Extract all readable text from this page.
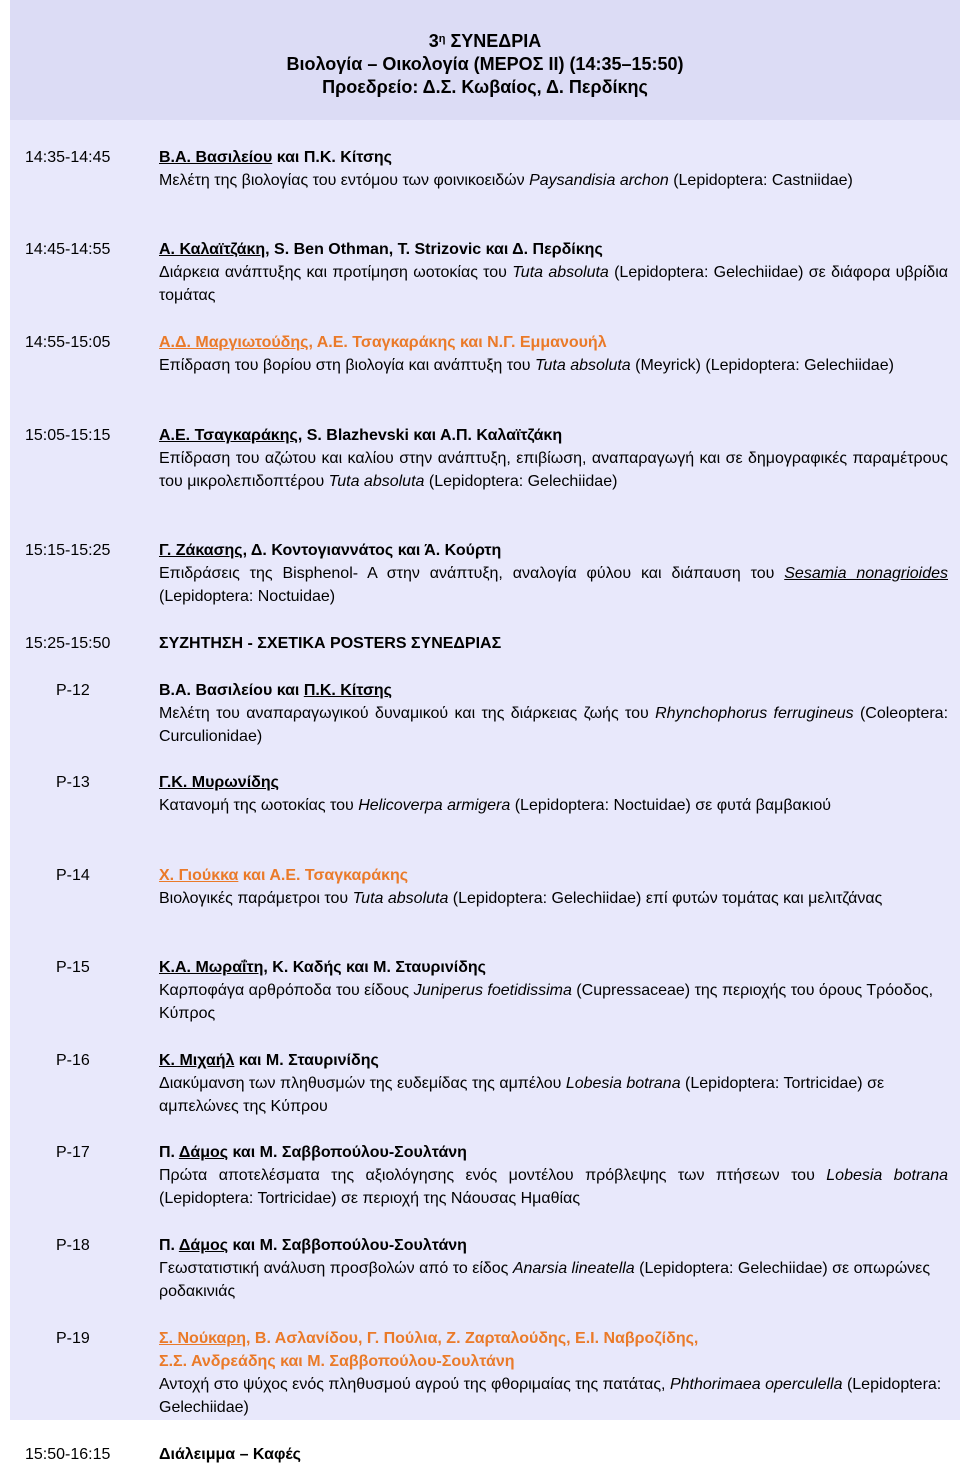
$3^\eta$ ΣΥΝΕΔΡΙΑ
Βιολογία – Οικολογία (ΜΕΡΟΣ ΙΙ) (14:35–15:50)
Προεδρείο: Δ.Σ. Κωβαίος, Δ. Περδίκης
14:35-14:45	Β.Α. Βασιλείου και Π.Κ. Κίτσης
Μελέτη της βιολογίας του εντόμου των φοινικοειδών Paysandisia archon (Lepidoptera: Castniidae)
14:45-14:55	Α. Καλαϊτζάκη, S. Ben Othman, T. Strizovic και Δ. Περδίκης
Διάρκεια ανάπτυξης και προτίμηση ωοτοκίας του Tuta absoluta (Lepidoptera: Gelechiidae) σε διάφορα υβρίδια τομάτας
14:55-15:05	Α.Δ. Μαργιωτούδης, Α.Ε. Τσαγκαράκης και Ν.Γ. Εμμανουήλ
Επίδραση του βορίου στη βιολογία και ανάπτυξη του Tuta absoluta (Meyrick) (Lepidoptera: Gelechiidae)
15:05-15:15	Α.Ε. Τσαγκαράκης, S. Blazhevski και Α.Π. Καλαϊτζάκη
Επίδραση του αζώτου και καλίου στην ανάπτυξη, επιβίωση, αναπαραγωγή και σε δημογραφικές παραμέτρους του μικρολεπιδοπτέρου Tuta absoluta (Lepidoptera: Gelechiidae)
15:15-15:25	Γ. Ζάκασης, Δ. Κοντογιαννάτος και Ά. Κούρτη
Επιδράσεις της Bisphenol- A στην ανάπτυξη, αναλογία φύλου και διάπαυση του Sesamia nonagrioides (Lepidoptera: Noctuidae)
15:25-15:50	ΣΥΖΗΤΗΣΗ - ΣΧΕΤΙΚΑ POSTERS ΣΥΝΕΔΡΙΑΣ
P-12	Β.Α. Βασιλείου και Π.Κ. Κίτσης
Μελέτη του αναπαραγωγικού δυναμικού και της διάρκειας ζωής του Rhynchophorus ferrugineus (Coleoptera: Curculionidae)
P-13	Γ.Κ. Μυρωνίδης
Κατανομή της ωοτοκίας του Helicoverpa armigera (Lepidoptera: Noctuidae) σε φυτά βαμβακιού
P-14	Χ. Γιούκκα και Α.Ε. Τσαγκαράκης
Βιολογικές παράμετροι του Tuta absoluta (Lepidoptera: Gelechiidae) επί φυτών τομάτας και μελιτζάνας
P-15	Κ.Α. Μωραΐτη, Κ. Καδής και Μ. Σταυρινίδης
Καρποφάγα αρθρόποδα του είδους Juniperus foetidissima (Cupressaceae) της περιοχής του όρους Τρόοδος, Κύπρος
P-16	Κ. Μιχαήλ και Μ. Σταυρινίδης
Διακύμανση των πληθυσμών της ευδεμίδας της αμπέλου Lobesia botrana (Lepidoptera: Tortricidae) σε αμπελώνες της Κύπρου
P-17	Π. Δάμος και Μ. Σαββοπούλου-Σουλτάνη
Πρώτα αποτελέσματα της αξιολόγησης ενός μοντέλου πρόβλεψης των πτήσεων του Lobesia botrana (Lepidoptera: Tortricidae) σε περιοχή της Νάουσας Ημαθίας
P-18	Π. Δάμος και Μ. Σαββοπούλου-Σουλτάνη
Γεωστατιστική ανάλυση προσβολών από το είδος Anarsia lineatella (Lepidoptera: Gelechiidae) σε οπωρώνες ροδακινιάς
P-19	Σ. Νούκαρη, Β. Ασλανίδου, Γ. Πούλια, Ζ. Ζαρταλούδης, Ε.Ι. Ναβροζίδης,
Σ.Σ. Ανδρεάδης και Μ. Σαββοπούλου-Σουλτάνη
Αντοχή στο ψύχος ενός πληθυσμού αγρού της φθοριμαίας της πατάτας, Phthorimaea operculella (Lepidoptera: Gelechiidae)
15:50-16:15	Διάλειμμα – Καφές
